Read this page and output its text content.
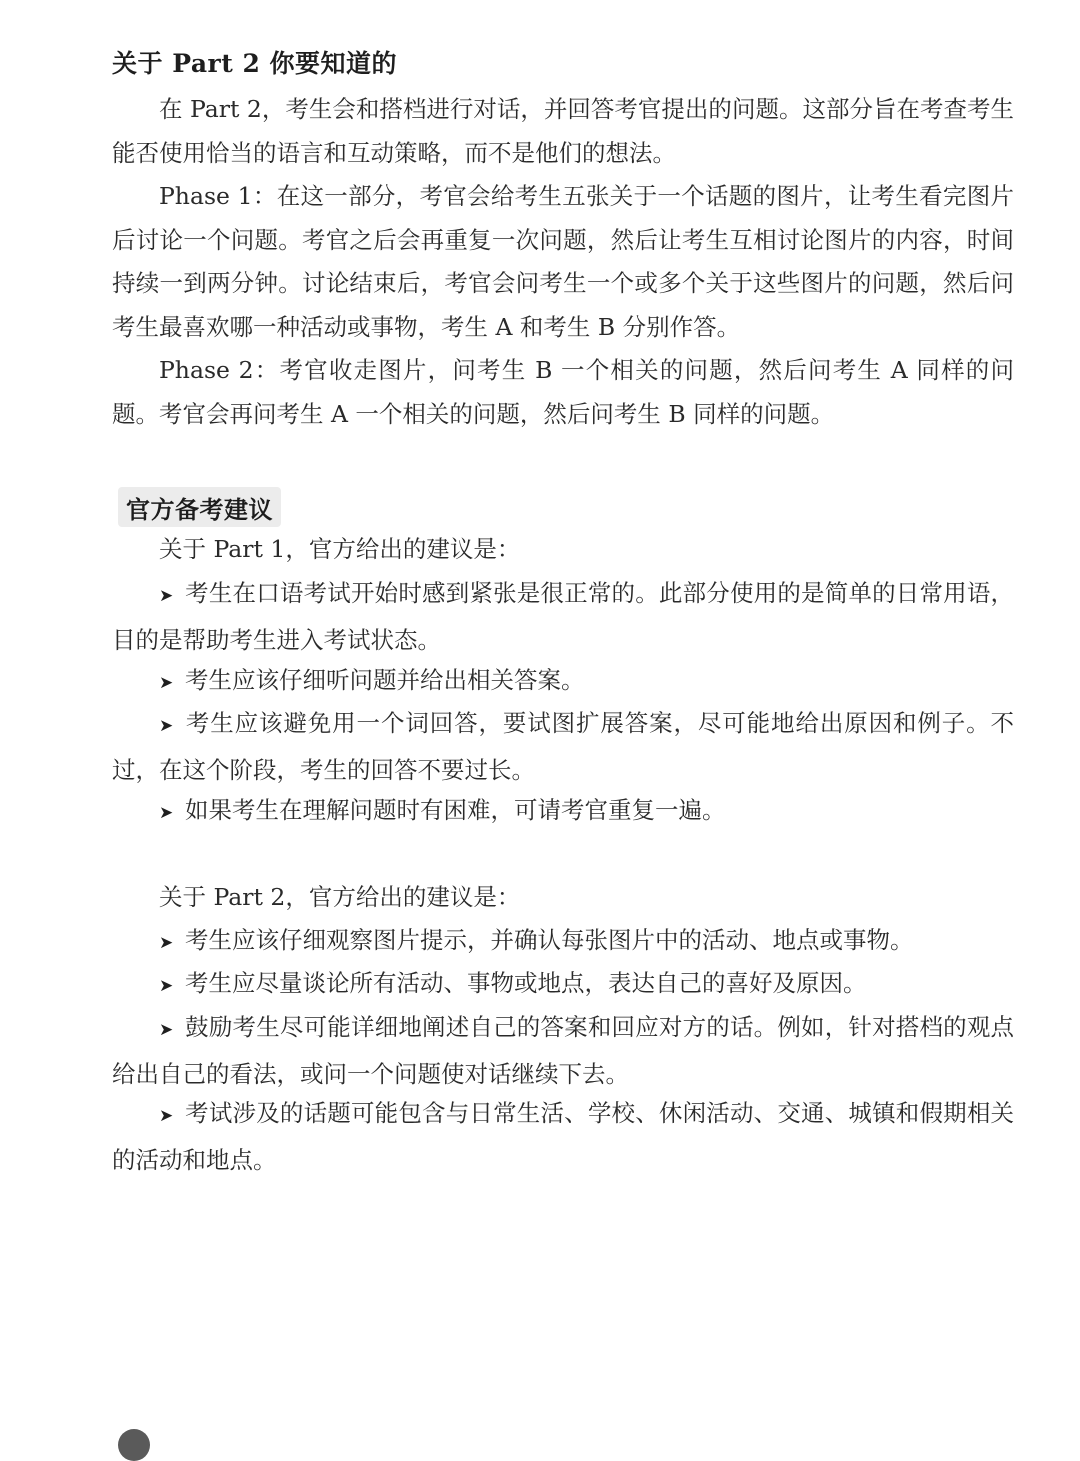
关于 Part 2 你要知道的

在 Part 2，考生会和搭档进行对话，并回答考官提出的问题。这部分旨在考查考生能否使用恰当的语言和互动策略，而不是他们的想法。

Phase 1：在这一部分，考官会给考生五张关于一个话题的图片，让考生看完图片后讨论一个问题。考官之后会再重复一次问题，然后让考生互相讨论图片的内容，时间持续一到两分钟。讨论结束后，考官会问考生一个或多个关于这些图片的问题，然后问考生最喜欢哪一种活动或事物，考生 A 和考生 B 分别作答。

Phase 2：考官收走图片，问考生 B 一个相关的问题，然后问考生 A 同样的问题。考官会再问考生 A 一个相关的问题，然后问考生 B 同样的问题。

官方备考建议

关于 Part 1，官方给出的建议是：

➤ 考生在口语考试开始时感到紧张是很正常的。此部分使用的是简单的日常用语，目的是帮助考生进入考试状态。

➤ 考生应该仔细听问题并给出相关答案。

➤ 考生应该避免用一个词回答，要试图扩展答案，尽可能地给出原因和例子。不过，在这个阶段，考生的回答不要过长。

➤ 如果考生在理解问题时有困难，可请考官重复一遍。

关于 Part 2，官方给出的建议是：

➤ 考生应该仔细观察图片提示，并确认每张图片中的活动、地点或事物。

➤ 考生应尽量谈论所有活动、事物或地点，表达自己的喜好及原因。

➤ 鼓励考生尽可能详细地阐述自己的答案和回应对方的话。例如，针对搭档的观点给出自己的看法，或问一个问题使对话继续下去。

➤ 考试涉及的话题可能包含与日常生活、学校、休闲活动、交通、城镇和假期相关的活动和地点。
